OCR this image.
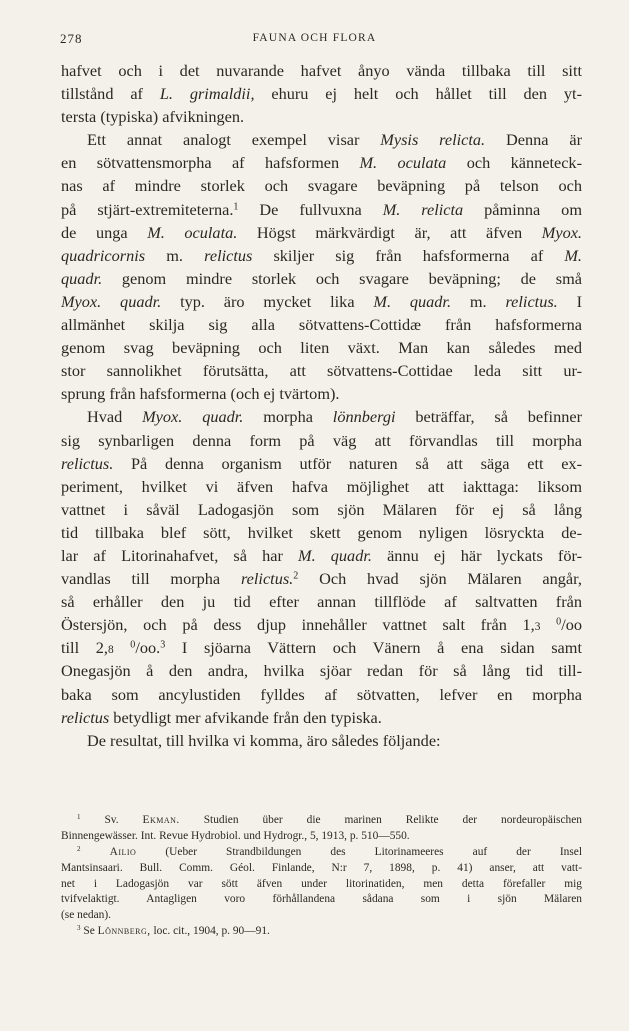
278	FAUNA OCH FLORA
hafvet och i det nuvarande hafvet ånyo vända tillbaka till sitt
tillstånd af L. grimaldii, ehuru ej helt och hållet till den yt-
tersta (typiska) afvikningen.
Ett annat analogt exempel visar Mysis relicta. Denna är
en sötvattensmorpha af hafsformen M. oculata och känneteck-
nas af mindre storlek och svagare beväpning på telson och
på stjärt-extremiteterna.$^1$ De fullvuxna M. relicta påminna om
de unga M. oculata. Högst märkvärdigt är, att äfven Myox.
quadricornis m. relictus skiljer sig från hafsformerna af M.
quadr. genom mindre storlek och svagare beväpning; de små
Myox. quadr. typ. äro mycket lika M. quadr. m. relictus. I
allmänhet skilja sig alla sötvattens-Cottidæ från hafsformerna
genom svag beväpning och liten växt. Man kan således med
stor sannolikhet förutsätta, att sötvattens-Cottidae leda sitt ur-
sprung från hafsformerna (och ej tvärtom).
Hvad Myox. quadr. morpha lönnbergi beträffar, så befinner
sig synbarligen denna form på väg att förvandlas till morpha
relictus. På denna organism utför naturen så att säga ett ex-
periment, hvilket vi äfven hafva möjlighet att iakttaga: liksom
vattnet i såväl Ladogasjön som sjön Mälaren för ej så lång
tid tillbaka blef sött, hvilket skett genom nyligen lösryckta de-
lar af Litorinahafvet, så har M. quadr. ännu ej här lyckats för-
vandlas till morpha relictus.$^2$ Och hvad sjön Mälaren angår,
så erhåller den ju tid efter annan tillflöde af saltvatten från
Östersjön, och på dess djup innehåller vattnet salt från 1,3 $^0$/oo
till 2,8 $^0$/oo.$^3$ I sjöarna Vättern och Vänern å ena sidan samt
Onegasjön å den andra, hvilka sjöar redan för så lång tid till-
baka som ancylustiden fylldes af sötvatten, lefver en morpha
relictus betydligt mer afvikande från den typiska.
De resultat, till hvilka vi komma, äro således följande:
$^1$ Sv. Ekman. Studien über die marinen Relikte der nordeuropäischen
Binnengewässer. Int. Revue Hydrobiol. und Hydrogr., 5, 1913, p. 510—550.
$^2$	Ailio (Ueber Strandbildungen des Litorinameeres auf der Insel
Mantsinsaari. Bull. Comm. Géol. Finlande, N:r 7, 1898, p. 41) anser, att vatt-
net i Ladogasjön var sött äfven under litorinatiden, men detta förefaller mig
tvifvelaktigt. Antagligen voro förhållandena sådana som i sjön Mälaren
(se nedan).
$^3$ Se Lönnberg, loc. cit., 1904, p. 90—91.
